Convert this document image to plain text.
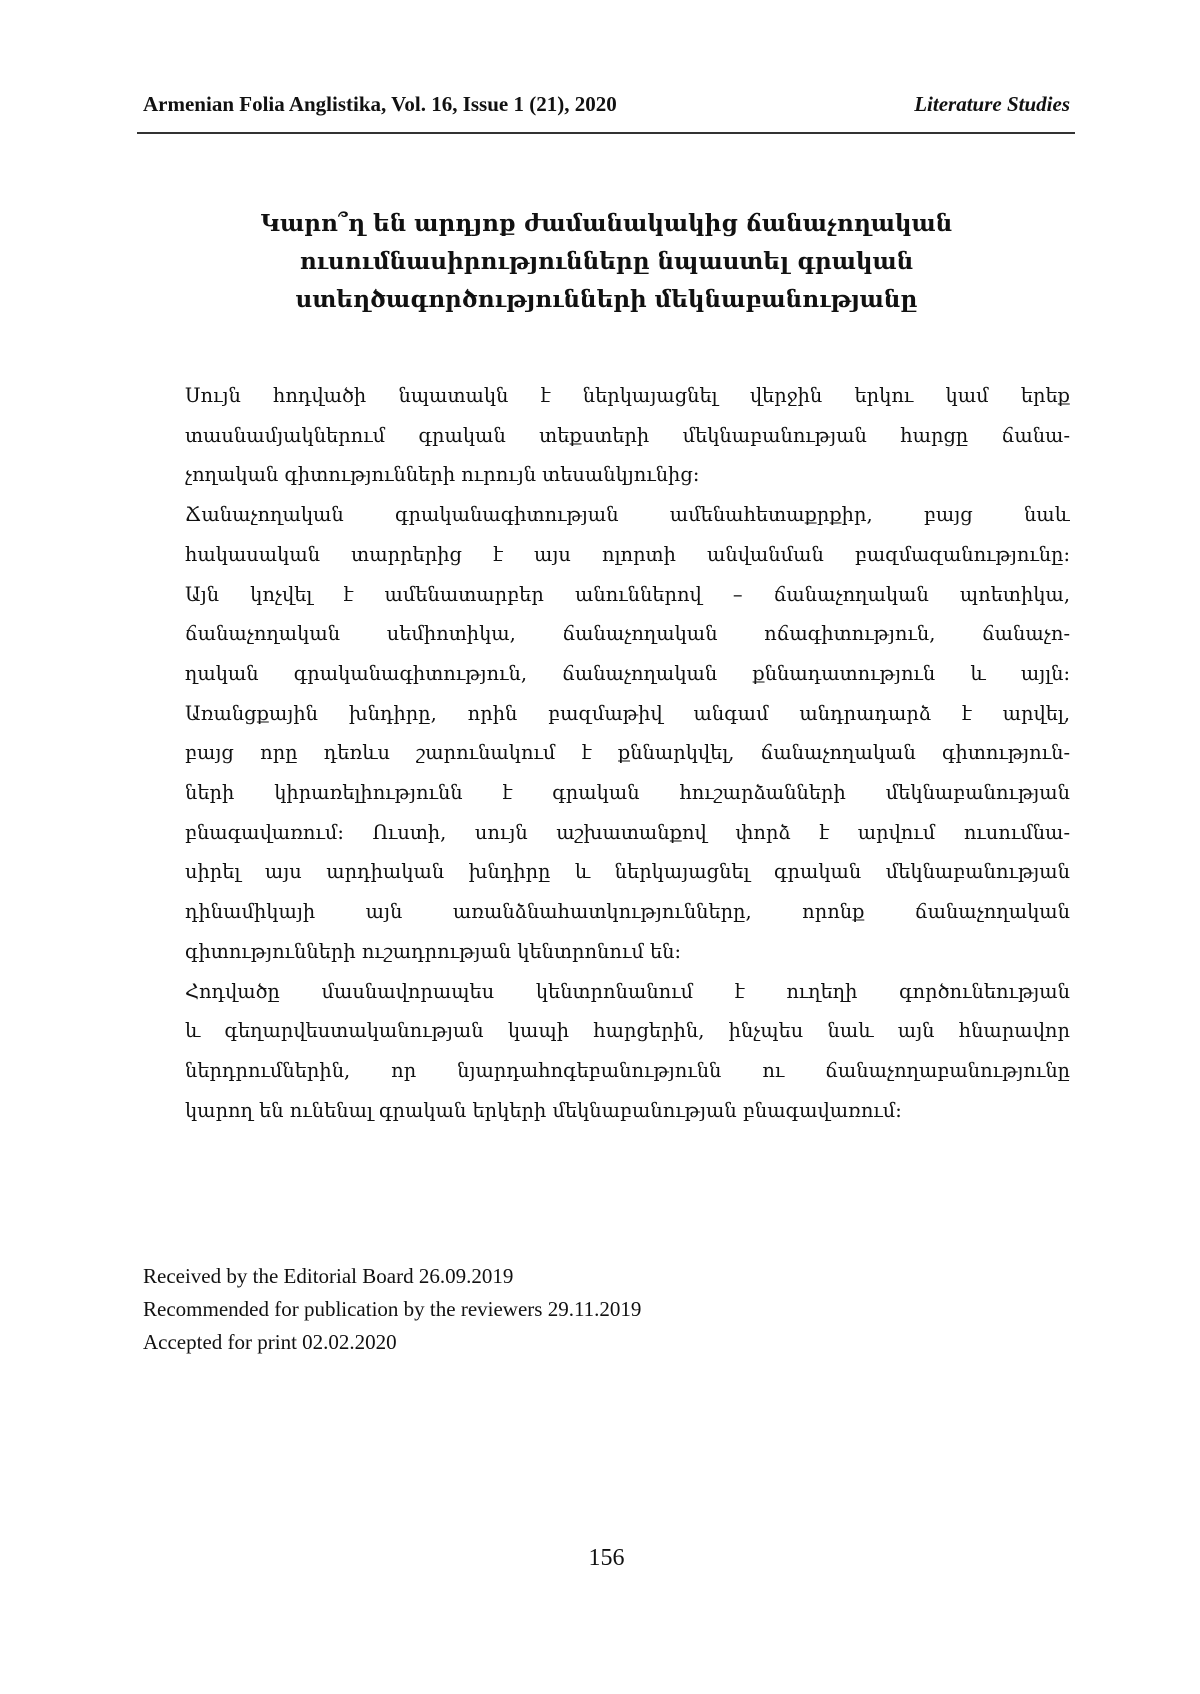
Armenian Folia Anglistika, Vol. 16, Issue 1 (21), 2020	Literature Studies
Կարո՞ղ են արդյոք ժամանակակից ճանաչողական
ուսումնասիրությունները նպաստել գրական
ստեղծագործությունների մեկնաբանությանը

Սույն հոդվածի նպատակն է ներկայացնել վերջին երկու կամ երեք
տասնամյակներում գրական տեքստերի մեկնաբանության հարցը ճանա-
չողական գիտությունների ուրույն տեսանկյունից:

Ճանաչողական գրականագիտության ամենահետաքրքիր, բայց նաև
հակասական տարրերից է այս ոլորտի անվանման բազմազանությունը:
Այն կոչվել է ամենատարբեր անուններով – ճանաչողական պոետիկա,
ճանաչողական սեմիոտիկա, ճանաչողական ոճագիտություն, ճանաչո-
ղական գրականագիտություն, ճանաչողական քննադատություն և այլն:
Առանցքային խնդիրը, որին բազմաթիվ անգամ անդրադարձ է արվել,
բայց որը դեռևս շարունակում է քննարկվել, ճանաչողական գիտություն-
ների կիրառելիությունն է գրական հուշարձանների մեկնաբանության
բնագավառում: Ուստի, սույն աշխատանքով փորձ է արվում ուսումնա-
սիրել այս արդիական խնդիրը և ներկայացնել գրական մեկնաբանության
դինամիկայի այն առանձնահատկությունները, որոնք ճանաչողական
գիտությունների ուշադրության կենտրոնում են:

Հոդվածը մասնավորապես կենտրոնանում է ուղեղի գործունեության
և գեղարվեստականության կապի հարցերին, ինչպես նաև այն հնարավոր
ներդրումներին, որ նյարդահոգեբանությունն ու ճանաչողաբանությունը
կարող են ունենալ գրական երկերի մեկնաբանության բնագավառում:

Received by the Editorial Board 26.09.2019
Recommended for publication by the reviewers 29.11.2019
Accepted for print 02.02.2020
156
